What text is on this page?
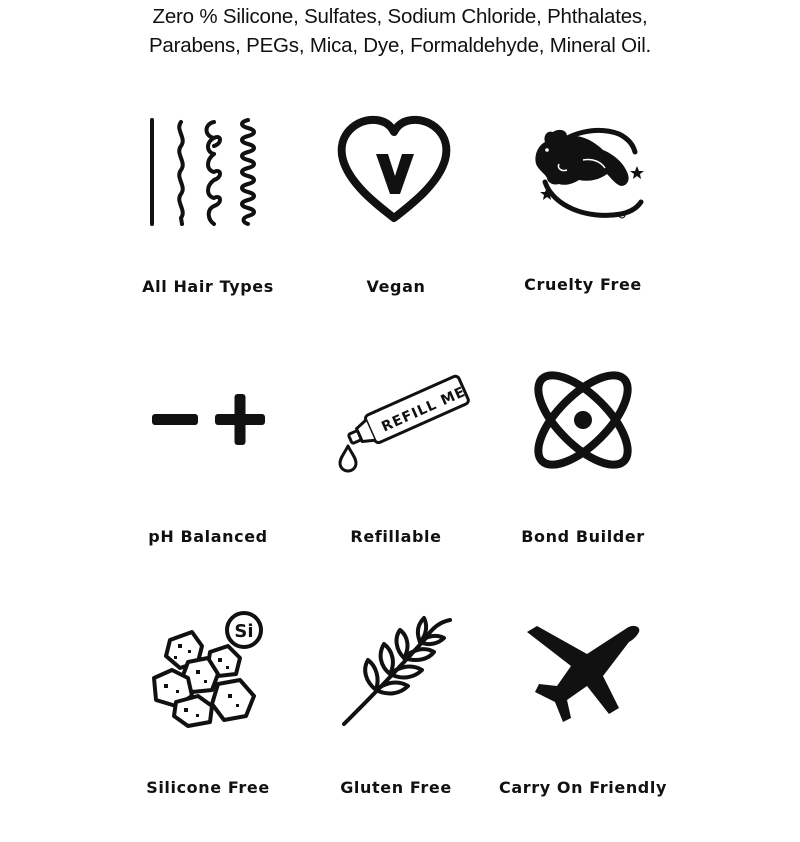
Zero % Silicone, Sulfates, Sodium Chloride, Phthalates,
Parabens, PEGs, Mica, Dye, Formaldehyde, Mineral Oil.
All Hair Types	Vegan	Cruelty Free
pH Balanced
REFILL ME
Refillable	Bond Builder
Si
Silicone Free	Gluten Free	Carry On Friendly
